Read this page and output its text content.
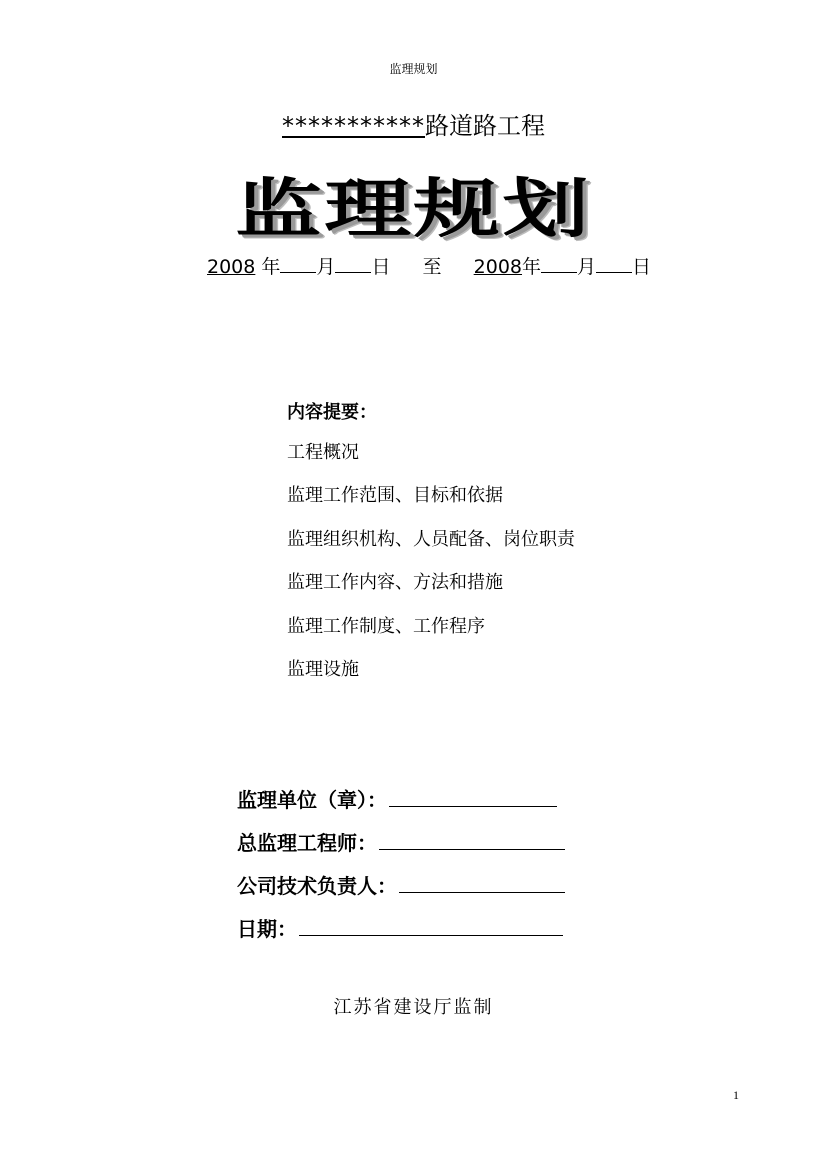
监理规划
***********路道路工程
监理规划
2008 年 月 日 至 2008年 月 日
内容提要：
工程概况
监理工作范围、目标和依据
监理组织机构、人员配备、岗位职责
监理工作内容、方法和措施
监理工作制度、工作程序
监理设施
监理单位（章）：
总监理工程师：
公司技术负责人：
日期：
江苏省建设厅监制
1
